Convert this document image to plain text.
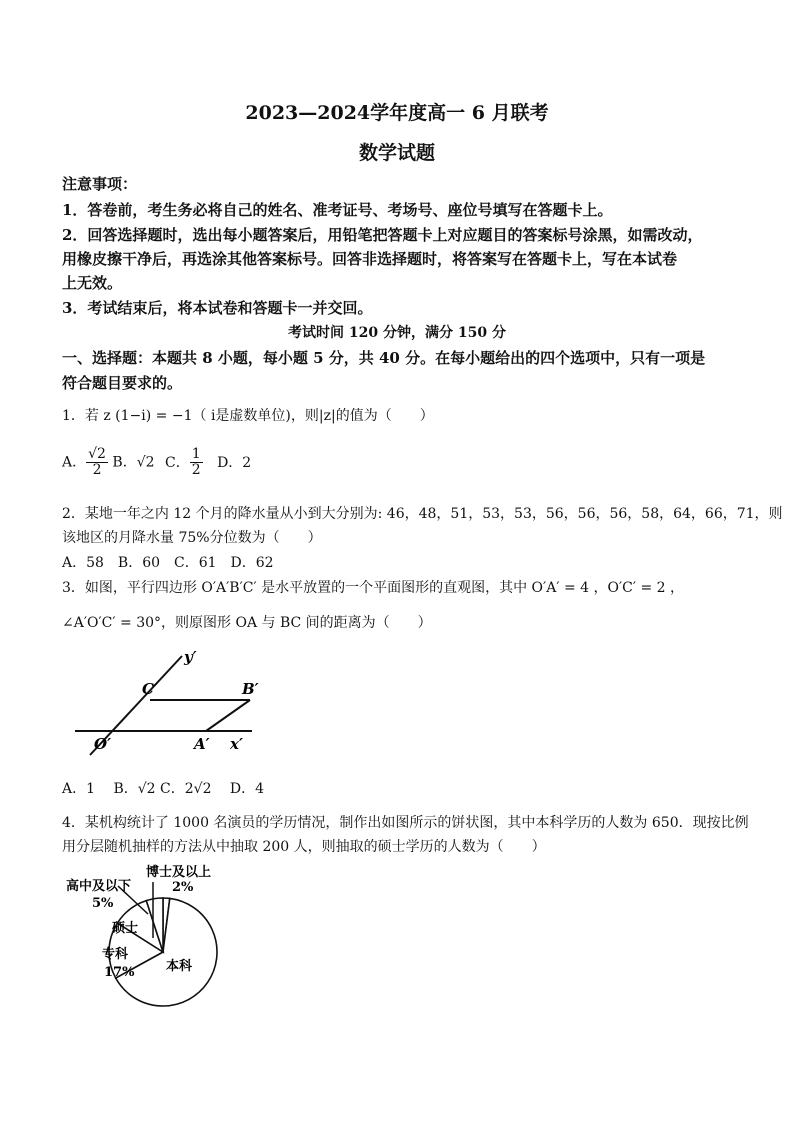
2023—2024学年度高一 6 月联考
数学试题
注意事项：
1．答卷前，考生务必将自己的姓名、准考证号、考场号、座位号填写在答题卡上。
2．回答选择题时，选出每小题答案后，用铅笔把答题卡上对应题目的答案标号涂黑，如需改动，
用橡皮擦干净后，再选涂其他答案标号。回答非选择题时，将答案写在答题卡上，写在本试卷
上无效。
3．考试结束后，将本试卷和答题卡一并交回。
考试时间 120 分钟，满分 150 分
一、选择题：本题共 8 小题，每小题 5 分，共 40 分。在每小题给出的四个选项中，只有一项是
符合题目要求的。
1．若 z (1−i) = −1（ i是虚数单位)，则|z|的值为（　　）
A． $\frac{√2}{2}$ B．√2 C． $\frac{1}{2}$ D．2
2．某地一年之内 12 个月的降水量从小到大分别为: 46，48，51，53，53，56，56，56，58，64，66，71，则
该地区的月降水量 75%分位数为（　　）
A．58　B．60　C．61　D．62
3．如图，平行四边形 O′A′B′C′ 是水平放置的一个平面图形的直观图，其中 O′A′ = 4 ，O′C′ = 2 ，
∠A′O′C′ = 30°，则原图形 OA 与 BC 间的距离为（　　）
y′
C′	B′
O′	A′ x′
A．1　 B．√2 C．2√2　 D．4
4．某机构统计了 1000 名演员的学历情况，制作出如图所示的饼状图，其中本科学历的人数为 650．现按比例
用分层随机抽样的方法从中抽取 200 人，则抽取的硕士学历的人数为（　　）
博士及以上
2%
高中及以下
5%
硕士
专科
17% 本科
